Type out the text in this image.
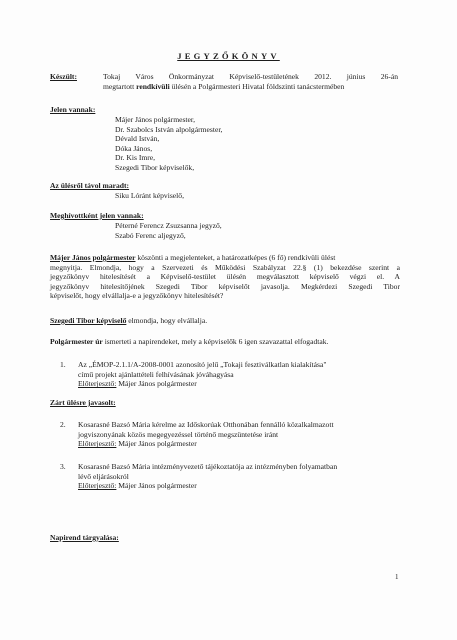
JEGYZŐKÖNYV
Készült:	Tokaj Város Önkormányzat Képviselő-testületének 2012. június 26-án
megtartott rendkívüli ülésén a Polgármesteri Hivatal földszinti tanácstermében
Jelen vannak:
Májer János polgármester,
Dr. Szabolcs István alpolgármester,
Dévald István,
Dóka János,
Dr. Kis Imre,
Szegedi Tibor képviselők,
Az ülésről távol maradt:
Siku Lóránt képviselő,
Meghívottként jelen vannak:
Péterné Ferencz Zsuzsanna jegyző,
Szabó Ferenc aljegyző,
Májer János polgármester köszönti a megjelenteket, a határozatképes (6 fő) rendkívüli ülést
megnyitja. Elmondja, hogy a Szervezeti és Működési Szabályzat 22.§ (1) bekezdése szerint a
jegyzőkönyv hitelesítését a Képviselő-testület ülésén megválasztott képviselő végzi el. A
jegyzőkönyv hitelesítőjének Szegedi Tibor képviselőt javasolja. Megkérdezi Szegedi Tibor
képviselőt, hogy elvállalja-e a jegyzőkönyv hitelesítését?
Szegedi Tibor képviselő elmondja, hogy elvállalja.
Polgármester úr ismerteti a napirendeket, mely a képviselők 6 igen szavazattal elfogadtak.
1. Az „ÉMOP-2.1.1/A-2008-0001 azonosító jelű „Tokaji fesztiválkatlan kialakítása"
című projekt ajánlattételi felhívásának jóváhagyása
Előterjesztő: Májer János polgármester
Zárt ülésre javasolt:
2. Kosarasné Bazsó Mária kérelme az Időskorúak Otthonában fennálló közalkalmazott
jogviszonyának közös megegyezéssel történő megszüntetése iránt
Előterjesztő: Májer János polgármester
3. Kosarasné Bazsó Mária intézményvezető tájékoztatója az intézményben folyamatban
lévő eljárásokról
Előterjesztő: Májer János polgármester
Napirend tárgyalása:
1
